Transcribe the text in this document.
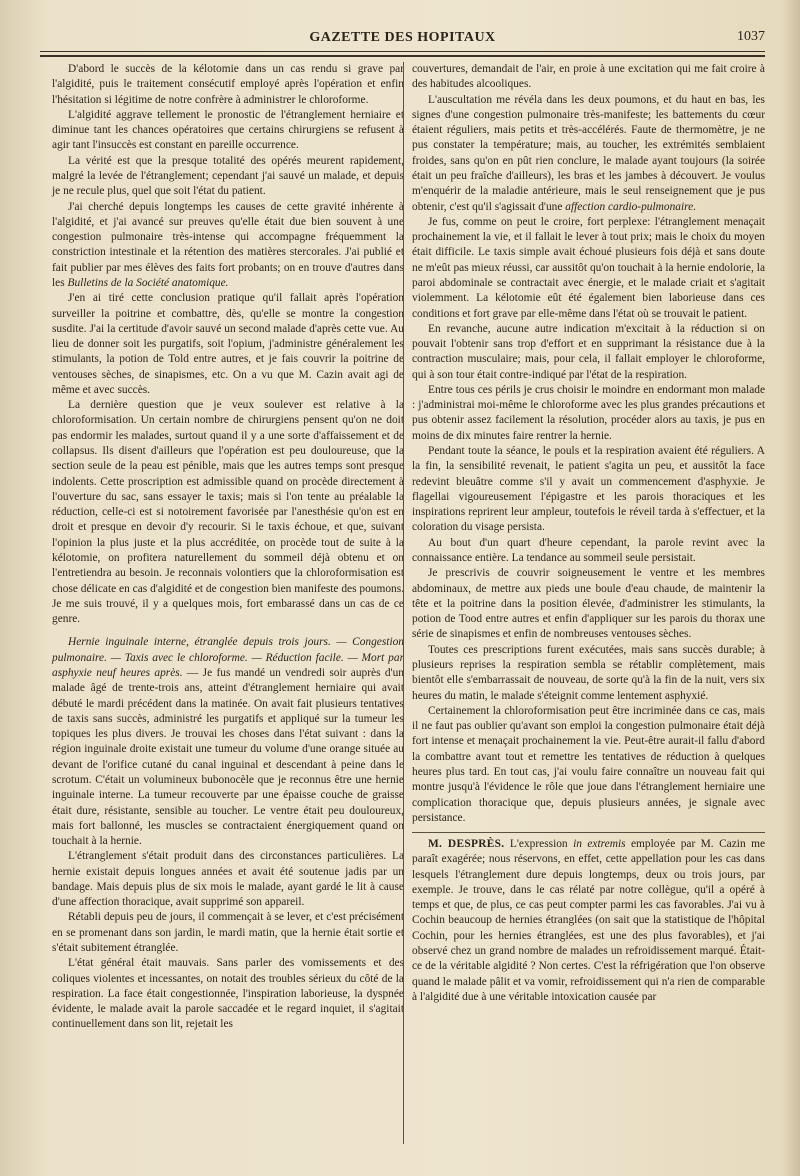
GAZETTE DES HOPITAUX	1037

D'abord le succès de la kélotomie dans un cas rendu si grave par l'algidité, puis le traitement consécutif employé après l'opération et enfin l'hésitation si légitime de notre confrère à administrer le chloroforme.

L'algidité aggrave tellement le pronostic de l'étranglement herniaire et diminue tant les chances opératoires que certains chirurgiens se refusent à agir tant l'insuccès est constant en pareille occurrence.

La vérité est que la presque totalité des opérés meurent rapidement, malgré la levée de l'étranglement; cependant j'ai sauvé un malade, et depuis je ne recule plus, quel que soit l'état du patient.

J'ai cherché depuis longtemps les causes de cette gravité inhérente à l'algidité, et j'ai avancé sur preuves qu'elle était due bien souvent à une congestion pulmonaire très-intense qui accompagne fréquemment la constriction intestinale et la rétention des matières stercorales. J'ai publié et fait publier par mes élèves des faits fort probants; on en trouve d'autres dans les Bulletins de la Société anatomique.

J'en ai tiré cette conclusion pratique qu'il fallait après l'opération surveiller la poitrine et combattre, dès, qu'elle se montre la congestion susdite. J'ai la certitude d'avoir sauvé un second malade d'après cette vue. Au lieu de donner soit les purgatifs, soit l'opium, j'administre généralement les stimulants, la potion de Told entre autres, et je fais couvrir la poitrine de ventouses sèches, de sinapismes, etc. On a vu que M. Cazin avait agi de même et avec succès.

La dernière question que je veux soulever est relative à la chloroformisation. Un certain nombre de chirurgiens pensent qu'on ne doit pas endormir les malades, surtout quand il y a une sorte d'affaissement et de collapsus. Ils disent d'ailleurs que l'opération est peu douloureuse, que la section seule de la peau est pénible, mais que les autres temps sont presque indolents. Cette proscription est admissible quand on procède directement à l'ouverture du sac, sans essayer le taxis; mais si l'on tente au préalable la réduction, celle-ci est si notoirement favorisée par l'anesthésie qu'on est en droit et presque en devoir d'y recourir. Si le taxis échoue, et que, suivant l'opinion la plus juste et la plus accréditée, on procède tout de suite à la kélotomie, on profitera naturellement du sommeil déjà obtenu et on l'entretiendra au besoin. Je reconnais volontiers que la chloroformisation est chose délicate en cas d'algidité et de congestion bien manifeste des poumons. Je me suis trouvé, il y a quelques mois, fort embarassé dans un cas de ce genre.

Hernie inguinale interne, étranglée depuis trois jours. — Congestion pulmonaire. — Taxis avec le chloroforme. — Réduction facile. — Mort par asphyxie neuf heures après. — Je fus mandé un vendredi soir auprès d'un malade âgé de trente-trois ans, atteint d'étranglement herniaire qui avait débuté le mardi précédent dans la matinée. On avait fait plusieurs tentatives de taxis sans succès, administré les purgatifs et appliqué sur la tumeur les topiques les plus divers. Je trouvai les choses dans l'état suivant : dans la région inguinale droite existait une tumeur du volume d'une orange située au devant de l'orifice cutané du canal inguinal et descendant à peine dans le scrotum. C'était un volumineux bubonocèle que je reconnus être une hernie inguinale interne. La tumeur recouverte par une épaisse couche de graisse était dure, résistante, sensible au toucher. Le ventre était peu douloureux, mais fort ballonné, les muscles se contractaient énergiquement quand on touchait à la hernie.

L'étranglement s'était produit dans des circonstances particulières. La hernie existait depuis longues années et avait été soutenue jadis par un bandage. Mais depuis plus de six mois le malade, ayant gardé le lit à cause d'une affection thoracique, avait supprimé son appareil.

Rétabli depuis peu de jours, il commençait à se lever, et c'est précisément en se promenant dans son jardin, le mardi matin, que la hernie était sortie et s'était subitement étranglée.

L'état général était mauvais. Sans parler des vomissements et des coliques violentes et incessantes, on notait des troubles sérieux du côté de la respiration. La face était congestionnée, l'inspiration laborieuse, la dyspnée évidente, le malade avait la parole saccadée et le regard inquiet, il s'agitait continuellement dans son lit, rejetait les

couvertures, demandait de l'air, en proie à une excitation qui me fait croire à des habitudes alcooliques.

L'auscultation me révéla dans les deux poumons, et du haut en bas, les signes d'une congestion pulmonaire très-manifeste; les battements du cœur étaient réguliers, mais petits et très-accélérés. Faute de thermomètre, je ne pus constater la température; mais, au toucher, les extrémités semblaient froides, sans qu'on en pût rien conclure, le malade ayant toujours (la soirée était un peu fraîche d'ailleurs), les bras et les jambes à découvert. Je voulus m'enquérir de la maladie antérieure, mais le seul renseignement que je pus obtenir, c'est qu'il s'agissait d'une affection cardio-pulmonaire.

Je fus, comme on peut le croire, fort perplexe: l'étranglement menaçait prochainement la vie, et il fallait le lever à tout prix; mais le choix du moyen était difficile. Le taxis simple avait échoué plusieurs fois déjà et sans doute ne m'eût pas mieux réussi, car aussitôt qu'on touchait à la hernie endolorie, la paroi abdominale se contractait avec énergie, et le malade criait et s'agitait violemment. La kélotomie eût été également bien laborieuse dans ces conditions et fort grave par elle-même dans l'état où se trouvait le patient.

En revanche, aucune autre indication m'excitait à la réduction si on pouvait l'obtenir sans trop d'effort et en supprimant la résistance due à la contraction musculaire; mais, pour cela, il fallait employer le chloroforme, qui à son tour était contre-indiqué par l'état de la respiration.

Entre tous ces périls je crus choisir le moindre en endormant mon malade : j'administrai moi-même le chloroforme avec les plus grandes précautions et pus obtenir assez facilement la résolution, procéder alors au taxis, je pus en moins de dix minutes faire rentrer la hernie.

Pendant toute la séance, le pouls et la respiration avaient été réguliers. A la fin, la sensibilité revenait, le patient s'agita un peu, et aussitôt la face redevint bleuâtre comme s'il y avait un commencement d'asphyxie. Je flagellai vigoureusement l'épigastre et les parois thoraciques et les inspirations reprirent leur ampleur, toutefois le réveil tarda à s'effectuer, et la coloration du visage persista.

Au bout d'un quart d'heure cependant, la parole revint avec la connaissance entière. La tendance au sommeil seule persistait.

Je prescrivis de couvrir soigneusement le ventre et les membres abdominaux, de mettre aux pieds une boule d'eau chaude, de maintenir la tête et la poitrine dans la position élevée, d'administrer les stimulants, la potion de Tood entre autres et enfin d'appliquer sur les parois du thorax une série de sinapismes et enfin de nombreuses ventouses sèches.

Toutes ces prescriptions furent exécutées, mais sans succès durable; à plusieurs reprises la respiration sembla se rétablir complètement, mais bientôt elle s'embarrassait de nouveau, de sorte qu'à la fin de la nuit, vers six heures du matin, le malade s'éteignit comme lentement asphyxié.

Certainement la chloroformisation peut être incriminée dans ce cas, mais il ne faut pas oublier qu'avant son emploi la congestion pulmonaire était déjà fort intense et menaçait prochainement la vie. Peut-être aurait-il fallu d'abord la combattre avant tout et remettre les tentatives de réduction à quelques heures plus tard. En tout cas, j'ai voulu faire connaître un nouveau fait qui montre jusqu'à l'évidence le rôle que joue dans l'étranglement herniaire une complication thoracique que, depuis plusieurs années, je signale avec persistance.

M. DESPRÈS. L'expression in extremis employée par M. Cazin me paraît exagérée; nous réservons, en effet, cette appellation pour les cas dans lesquels l'étranglement dure depuis longtemps, deux ou trois jours, par exemple. Je trouve, dans le cas rélaté par notre collègue, qu'il a opéré à temps et que, de plus, ce cas peut compter parmi les cas favorables. J'ai vu à Cochin beaucoup de hernies étranglées (on sait que la statistique de l'hôpital Cochin, pour les hernies étranglées, est une des plus favorables), et j'ai observé chez un grand nombre de malades un refroidissement marqué. Était-ce de la véritable algidité ? Non certes. C'est la réfrigération que l'on observe quand le malade pâlit et va vomir, refroidissement qui n'a rien de comparable à l'algidité due à une véritable intoxication causée par
